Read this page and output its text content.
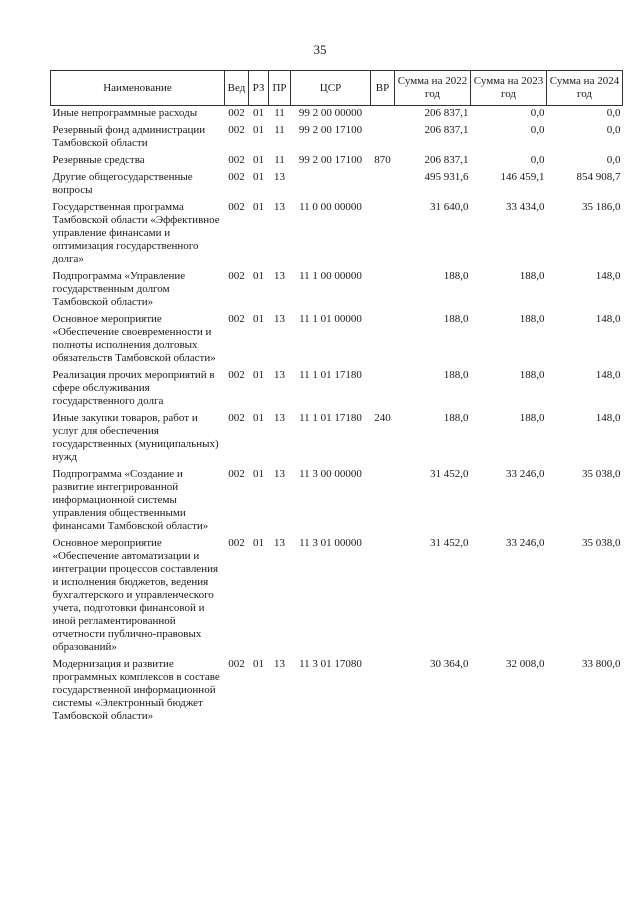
35
Наименование	Вед	РЗ	ПР	ЦСР	ВР	Сумма на 2022 год	Сумма на 2023 год	Сумма на 2024 год
Иные непрограммные расходы	002	01	11	99 2 00 00000		206 837,1	0,0	0,0
Резервный фонд администрации Тамбовской области	002	01	11	99 2 00 17100		206 837,1	0,0	0,0
Резервные средства	002	01	11	99 2 00 17100	870	206 837,1	0,0	0,0
Другие общегосударственные вопросы	002	01	13			495 931,6	146 459,1	854 908,7
Государственная программа Тамбовской области «Эффективное управление финансами и оптимизация государственного долга»	002	01	13	11 0 00 00000		31 640,0	33 434,0	35 186,0
Подпрограмма «Управление государственным долгом Тамбовской области»	002	01	13	11 1 00 00000		188,0	188,0	148,0
Основное мероприятие «Обеспечение своевременности и полноты исполнения долговых обязательств Тамбовской области»	002	01	13	11 1 01 00000		188,0	188,0	148,0
Реализация прочих мероприятий в сфере обслуживания государственного долга	002	01	13	11 1 01 17180		188,0	188,0	148,0
Иные закупки товаров, работ и услуг для обеспечения государственных (муниципальных) нужд	002	01	13	11 1 01 17180	240	188,0	188,0	148,0
Подпрограмма «Создание и развитие интегрированной информационной системы управления общественными финансами Тамбовской области»	002	01	13	11 3 00 00000		31 452,0	33 246,0	35 038,0
Основное мероприятие «Обеспечение автоматизации и интеграции процессов составления и исполнения бюджетов, ведения бухгалтерского и управленческого учета, подготовки финансовой и иной регламентированной отчетности публично-правовых образований»	002	01	13	11 3 01 00000		31 452,0	33 246,0	35 038,0
Модернизация и развитие программных комплексов в составе государственной информационной системы «Электронный бюджет Тамбовской области»	002	01	13	11 3 01 17080		30 364,0	32 008,0	33 800,0
